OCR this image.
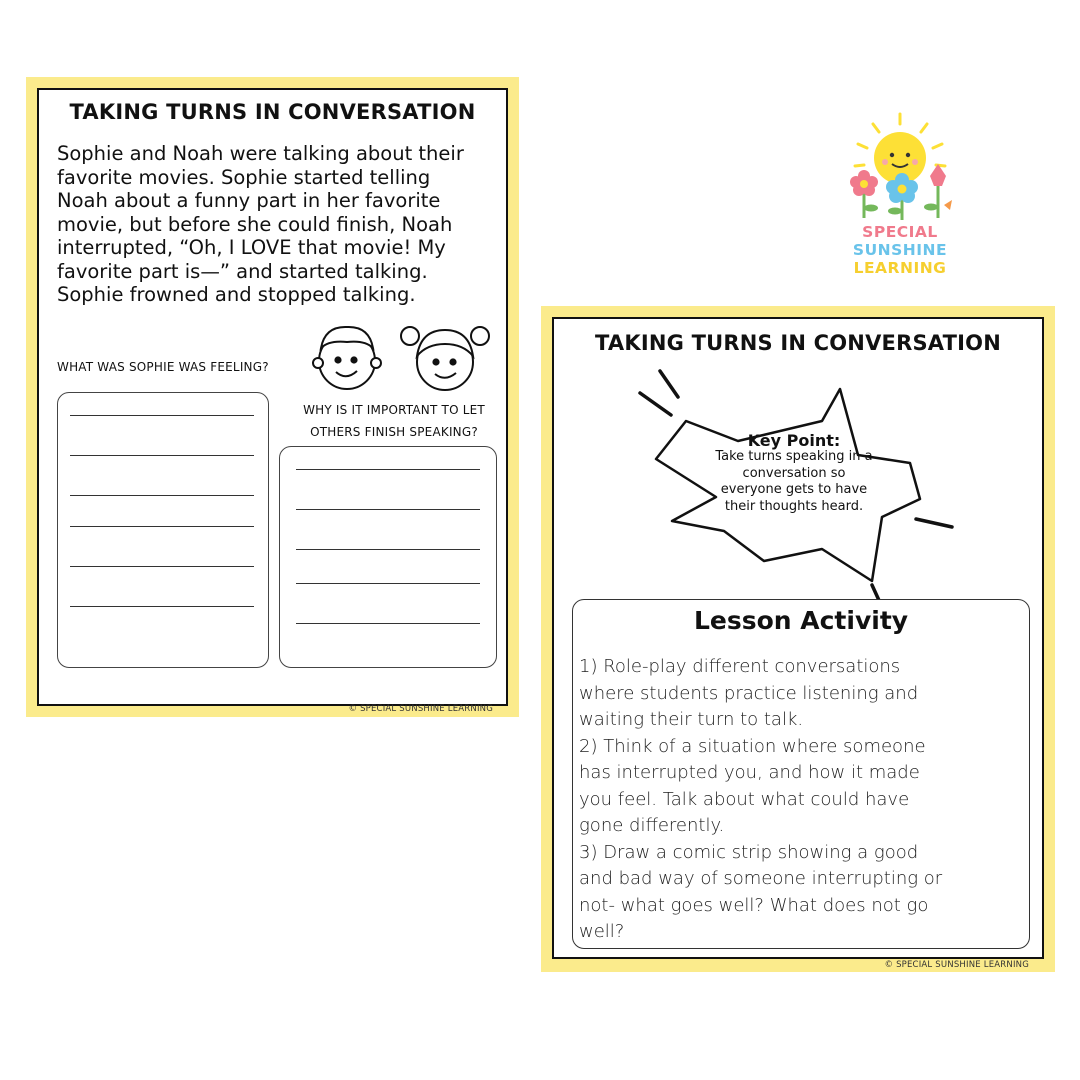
TAKING TURNS IN CONVERSATION
Sophie and Noah were talking about their favorite movies. Sophie started telling Noah about a funny part in her favorite movie, but before she could finish, Noah interrupted, “Oh, I LOVE that movie! My favorite part is—” and started talking. Sophie frowned and stopped talking.
WHAT WAS SOPHIE WAS FEELING?
WHY IS IT IMPORTANT TO LET
OTHERS FINISH SPEAKING?
© SPECIAL SUNSHINE LEARNING
SPECIAL
SUNSHINE
LEARNING
TAKING TURNS IN CONVERSATION
Key Point:
Take turns speaking in a
conversation so
everyone gets to have
their thoughts heard.
Lesson Activity
1) Role-play different conversations
where students practice listening and
waiting their turn to talk.
2) Think of a situation where someone
has interrupted you, and how it made
you feel. Talk about what could have
gone differently.
3) Draw a comic strip showing a good
and bad way of someone interrupting or
not- what goes well? What does not go
well?
© SPECIAL SUNSHINE LEARNING
